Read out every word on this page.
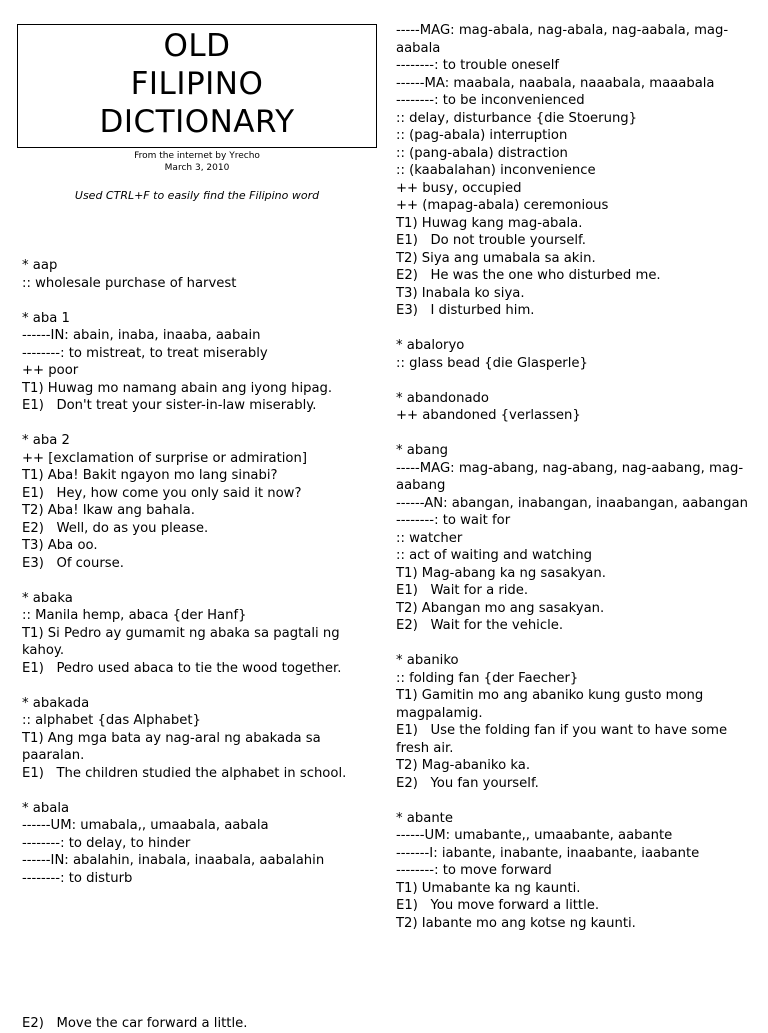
OLD
FILIPINO
DICTIONARY
From the internet by Yrecho
March 3, 2010
Used CTRL+F to easily find the Filipino word
* aap
:: wholesale purchase of harvest
* aba 1
------IN: abain, inaba, inaaba, aabain
--------: to mistreat, to treat miserably
++ poor
T1) Huwag mo namang abain ang iyong hipag.
E1)   Don't treat your sister-in-law miserably.
* aba 2
++ [exclamation of surprise or admiration]
T1) Aba! Bakit ngayon mo lang sinabi?
E1)   Hey, how come you only said it now?
T2) Aba! Ikaw ang bahala.
E2)   Well, do as you please.
T3) Aba oo.
E3)   Of course.
* abaka
:: Manila hemp, abaca {der Hanf}
T1) Si Pedro ay gumamit ng abaka sa pagtali ng kahoy.
E1)   Pedro used abaca to tie the wood together.
* abakada
:: alphabet {das Alphabet}
T1) Ang mga bata ay nag-aral ng abakada sa paaralan.
E1)   The children studied the alphabet in school.
* abala
------UM: umabala,, umaabala, aabala
--------: to delay, to hinder
------IN: abalahin, inabala, inaabala, aabalahin
--------: to disturb
-----MAG: mag-abala, nag-abala, nag-aabala, mag-aabala
--------: to trouble oneself
------MA: maabala, naabala, naaabala, maaabala
--------: to be inconvenienced
:: delay, disturbance {die Stoerung}
:: (pag-abala) interruption
:: (pang-abala) distraction
:: (kaabalahan) inconvenience
++ busy, occupied
++ (mapag-abala) ceremonious
T1) Huwag kang mag-abala.
E1)   Do not trouble yourself.
T2) Siya ang umabala sa akin.
E2)   He was the one who disturbed me.
T3) Inabala ko siya.
E3)   I disturbed him.
* abaloryo
:: glass bead {die Glasperle}
* abandonado
++ abandoned {verlassen}
* abang
-----MAG: mag-abang, nag-abang, nag-aabang, mag-aabang
------AN: abangan, inabangan, inaabangan, aabangan
--------: to wait for
:: watcher
:: act of waiting and watching
T1) Mag-abang ka ng sasakyan.
E1)   Wait for a ride.
T2) Abangan mo ang sasakyan.
E2)   Wait for the vehicle.
* abaniko
:: folding fan {der Faecher}
T1) Gamitin mo ang abaniko kung gusto mong magpalamig.
E1)   Use the folding fan if you want to have some fresh air.
T2) Mag-abaniko ka.
E2)   You fan yourself.
* abante
------UM: umabante,, umaabante, aabante
-------I: iabante, inabante, inaabante, iaabante
--------: to move forward
T1) Umabante ka ng kaunti.
E1)   You move forward a little.
T2) Iabante mo ang kotse ng kaunti.
E2)   Move the car forward a little.
